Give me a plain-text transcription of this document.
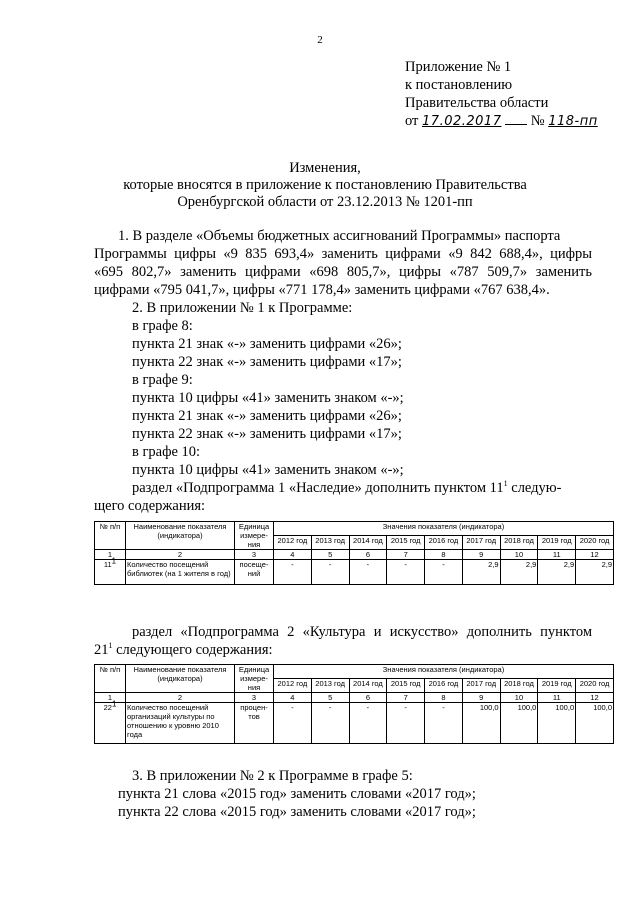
2
Приложение № 1
к постановлению
Правительства области
от 17.02.2017 № 118-пп
Изменения,
которые вносятся в приложение к постановлению Правительства
Оренбургской области от 23.12.2013 № 1201-пп
1. В разделе «Объемы бюджетных ассигнований Программы» паспорта
Программы цифры «9 835 693,4» заменить цифрами «9 842 688,4», цифры
«695 802,7» заменить цифрами «698 805,7», цифры «787 509,7» заменить
цифрами «795 041,7», цифры «771 178,4» заменить цифрами «767 638,4».
2. В приложении № 1 к Программе:
в графе 8:
пункта 21 знак «-» заменить цифрами «26»;
пункта 22 знак «-» заменить цифрами «17»;
в графе 9:
пункта 10 цифры «41» заменить знаком «-»;
пункта 21 знак «-» заменить цифрами «26»;
пункта 22 знак «-» заменить цифрами «17»;
в графе 10:
пункта 10 цифры «41» заменить знаком «-»;
раздел «Подпрограмма 1 «Наследие» дополнить пунктом $11^1$ следую-
щего содержания:
№ п/п	Наименование показателя (индикатора)	Единица измере-ния	Значения показателя (индикатора)								
			2012 год	2013 год	2014 год	2015 год	2016 год	2017 год	2018 год	2019 год	2020 год
1	2	3	4	5	6	7	8	9	10	11	12
$11^1$	Количество посещений библиотек (на 1 жителя в год)	посеще-ний	-	-	-	-	-	2,9	2,9	2,9	2,9
раздел «Подпрограмма 2 «Культура и искусство» дополнить пунктом
$21^1$ следующего содержания:
№ п/п	Наименование показателя (индикатора)	Единица измере-ния	Значения показателя (индикатора)								
			2012 год	2013 год	2014 год	2015 год	2016 год	2017 год	2018 год	2019 год	2020 год
1	2	3	4	5	6	7	8	9	10	11	12
$22^1$	Количество посещений организаций культуры по отношению к уровню 2010 года	процен-тов	-	-	-	-	-	100,0	100,0	100,0	100,0
3. В приложении № 2 к Программе в графе 5:
пункта 21 слова «2015 год» заменить словами «2017 год»;
пункта 22 слова «2015 год» заменить словами «2017 год»;
